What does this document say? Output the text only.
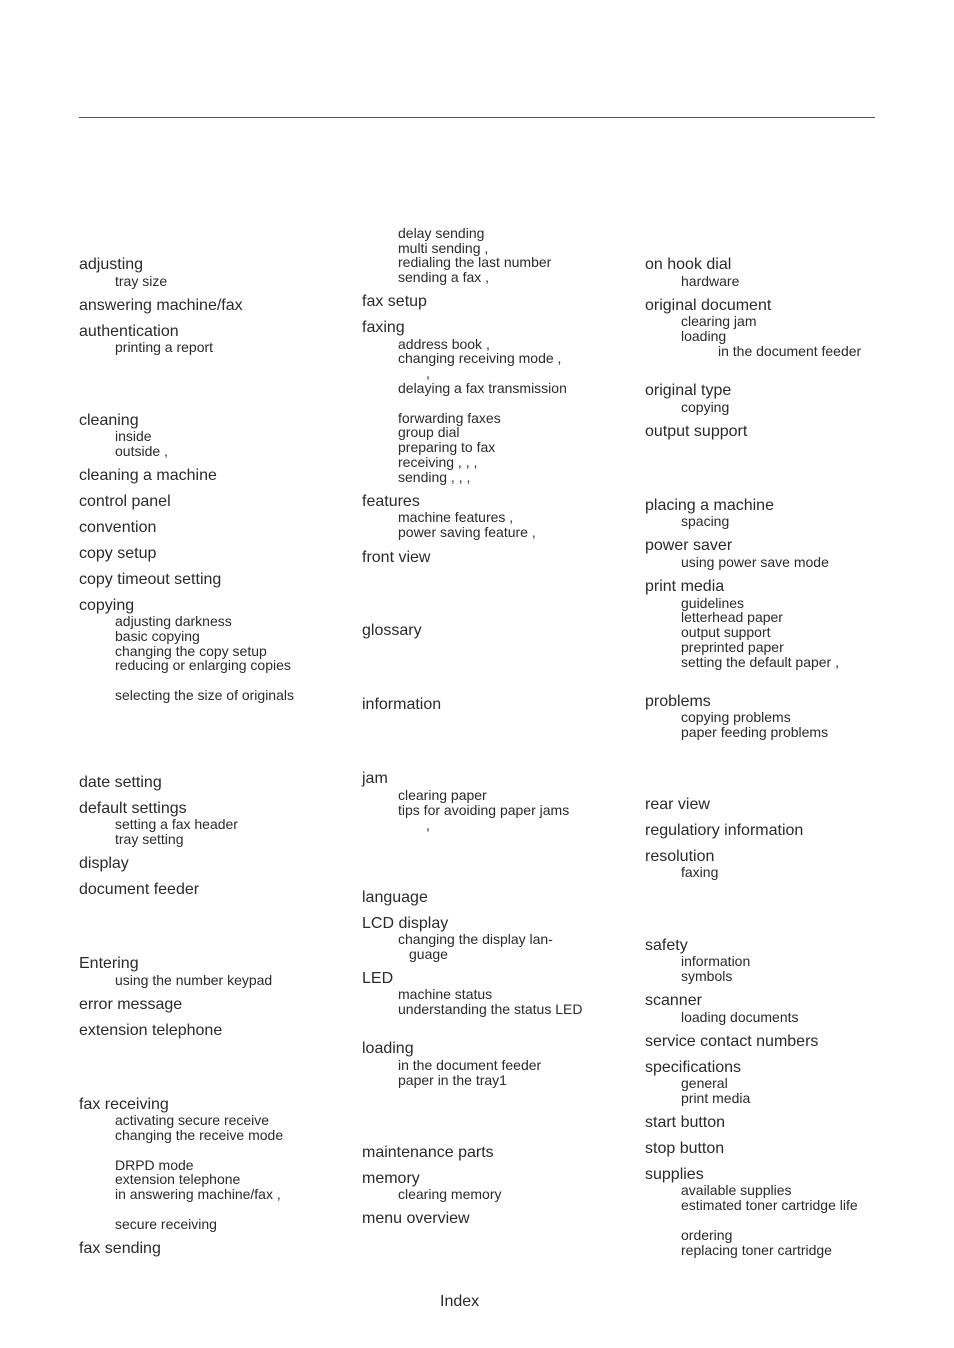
adjusting
tray size
answering machine/fax
authentication
printing a report
cleaning
inside
outside ,
cleaning a machine
control panel
convention
copy setup
copy timeout setting
copying
adjusting darkness
basic copying
changing the copy setup
reducing or enlarging copies
selecting the size of originals
date setting
default settings
setting a fax header
tray setting
display
document feeder
Entering
using the number keypad
error message
extension telephone
fax receiving
activating secure receive
changing the receive mode
DRPD mode
extension telephone
in answering machine/fax ,
secure receiving
fax sending
delay sending
multi sending ,
redialing the last number
sending a fax ,
fax setup
faxing
address book ,
changing receiving mode ,
,
delaying a fax transmission
forwarding faxes
group dial
preparing to fax
receiving , , ,
sending , , ,
features
machine features ,
power saving feature ,
front view
glossary
information
jam
clearing paper
tips for avoiding paper jams
,
language
LCD display
changing the display lan-
guage
LED
machine status
understanding the status LED
loading
in the document feeder
paper in the tray1
maintenance parts
memory
clearing memory
menu overview
on hook dial
hardware
original document
clearing jam
loading
in the document feeder
original type
copying
output support
placing a machine
spacing
power saver
using power save mode
print media
guidelines
letterhead paper
output support
preprinted paper
setting the default paper ,
problems
copying problems
paper feeding problems
rear view
regulatiory information
resolution
faxing
safety
information
symbols
scanner
loading documents
service contact numbers
specifications
general
print media
start button
stop button
supplies
available supplies
estimated toner cartridge life
ordering
replacing toner cartridge
Index
